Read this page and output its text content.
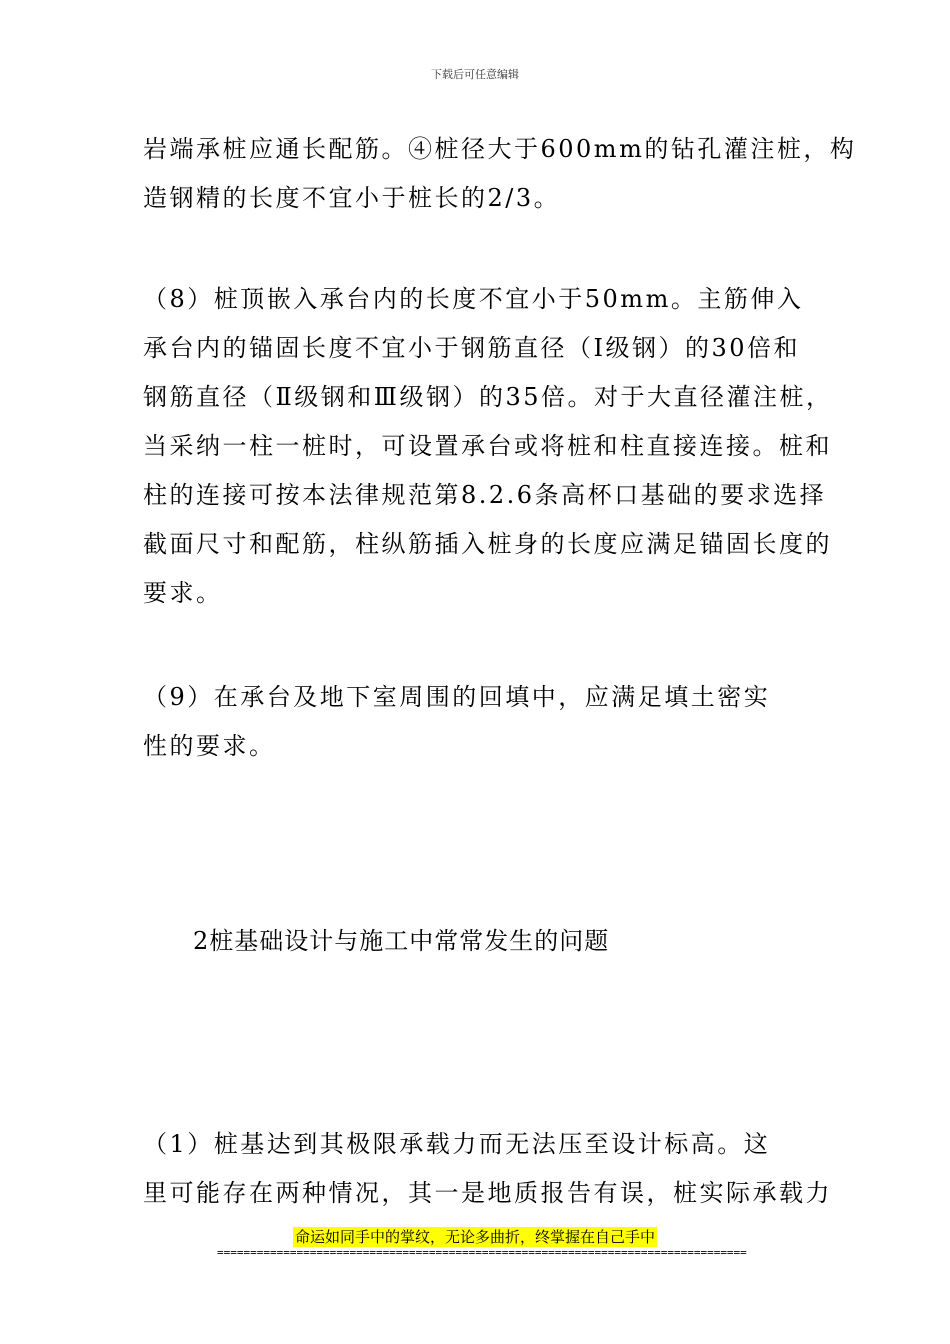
下载后可任意编辑
岩端承桩应通长配筋。④桩径大于600mm的钻孔灌注桩，构
造钢精的长度不宜小于桩长的2/3。
（8）桩顶嵌入承台内的长度不宜小于50mm。主筋伸入
承台内的锚固长度不宜小于钢筋直径（Ⅰ级钢）的30倍和
钢筋直径（Ⅱ级钢和Ⅲ级钢）的35倍。对于大直径灌注桩，
当采纳一柱一桩时，可设置承台或将桩和柱直接连接。桩和
柱的连接可按本法律规范第8.2.6条高杯口基础的要求选择
截面尺寸和配筋，柱纵筋插入桩身的长度应满足锚固长度的
要求。
（9）在承台及地下室周围的回填中，应满足填土密实
性的要求。
2桩基础设计与施工中常常发生的问题
（1）桩基达到其极限承载力而无法压至设计标高。这
里可能存在两种情况，其一是地质报告有误，桩实际承载力
命运如同手中的掌纹，无论多曲折，终掌握在自己手中
================================================================================
